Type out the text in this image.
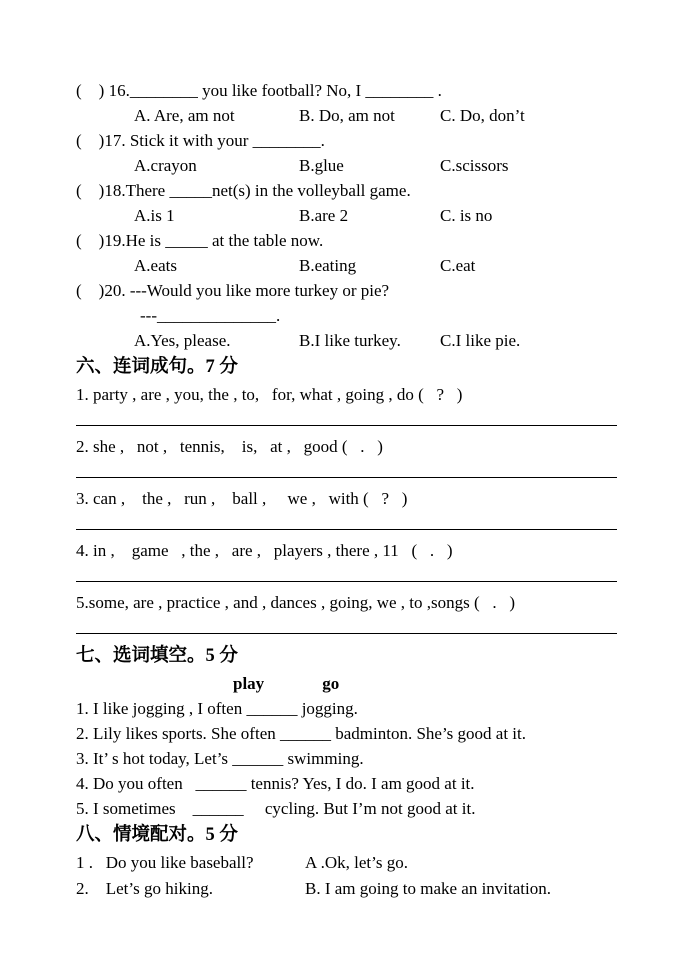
(    ) 16.________ you like football? No, I ________ .
A. Are, am not	B. Do, am not	C. Do, don’t
(    )17. Stick it with your ________.
A.crayon	B.glue	C.scissors
(    )18.There _____net(s) in the volleyball game.
A.is 1	B.are 2	C. is no
(    )19.He is _____ at the table now.
A.eats	B.eating	C.eat
(    )20. ---Would you like more turkey or pie?
---______________.
A.Yes, please.	B.I like turkey.	C.I like pie.
六、连词成句。7 分
1. party , are , you, the , to,   for, what , going , do (   ?   )
2. she ,   not ,   tennis,    is,   at ,   good (   .   )
3. can ,    the ,   run ,    ball ,     we ,   with (   ?   )
4. in ,    game   , the ,   are ,   players , there , 11   (   .   )
5.some, are , practice , and , dances , going, we , to ,songs (   .   )
七、选词填空。5 分
play	go
1. I like jogging , I often ______ jogging.
2. Lily likes sports. She often ______ badminton. She’s good at it.
3. It’ s hot today, Let’s ______ swimming.
4. Do you often   ______ tennis? Yes, I do. I am good at it.
5. I sometimes    ______     cycling. But I’m not good at it.
八、情境配对。5 分
1 .   Do you like baseball?	A .Ok, let’s go.
2.    Let’s go hiking.	B. I am going to make an invitation.
